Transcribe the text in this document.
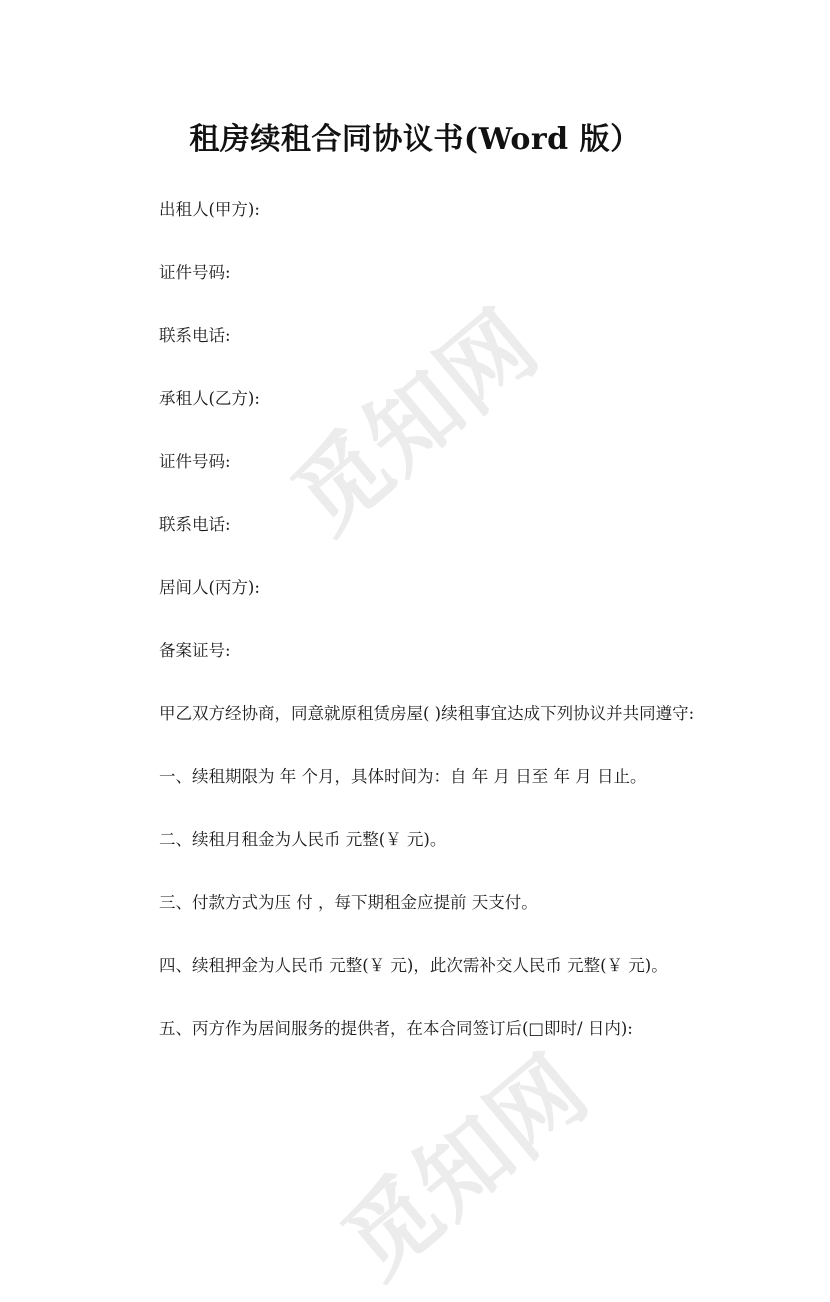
觅知网
觅知网
租房续租合同协议书(Word 版）
出租人(甲方):
证件号码:
联系电话:
承租人(乙方):
证件号码:
联系电话:
居间人(丙方):
备案证号:
甲乙双方经协商，同意就原租赁房屋( )续租事宜达成下列协议并共同遵守:
一、续租期限为 年 个月，具体时间为：自 年 月 日至 年 月 日止。
二、续租月租金为人民币 元整(￥ 元)。
三、付款方式为压 付 ，每下期租金应提前 天支付。
四、续租押金为人民币 元整(￥ 元)，此次需补交人民币 元整(￥ 元)。
五、丙方作为居间服务的提供者，在本合同签订后(□即时/ 日内):
